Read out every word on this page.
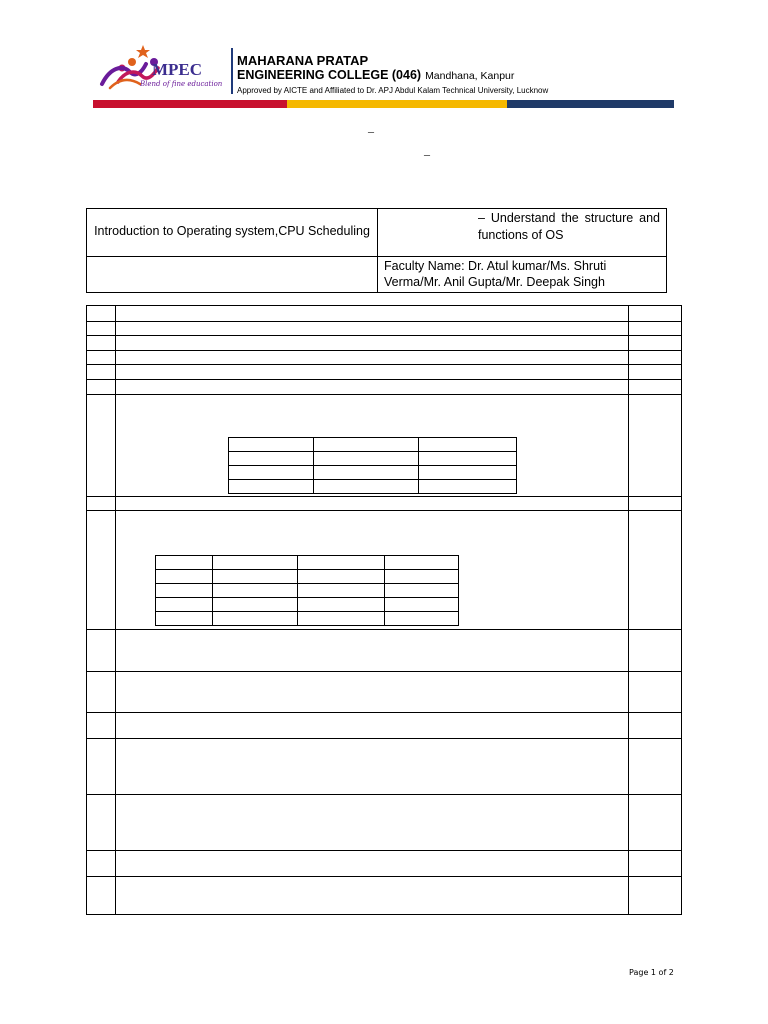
MPEC
Blend of fine education
MAHARANA PRATAP
ENGINEERING COLLEGE (046) Mandhana, Kanpur
Approved by AICTE and Affiliated to Dr. APJ Abdul Kalam Technical University, Lucknow
–
–
Introduction to Operating system,CPU Scheduling	– Understand the structure and functions of OS
	Faculty Name: Dr. Atul kumar/Ms. Shruti Verma/Mr. Anil Gupta/Mr. Deepak Singh

Page 1 of 2
